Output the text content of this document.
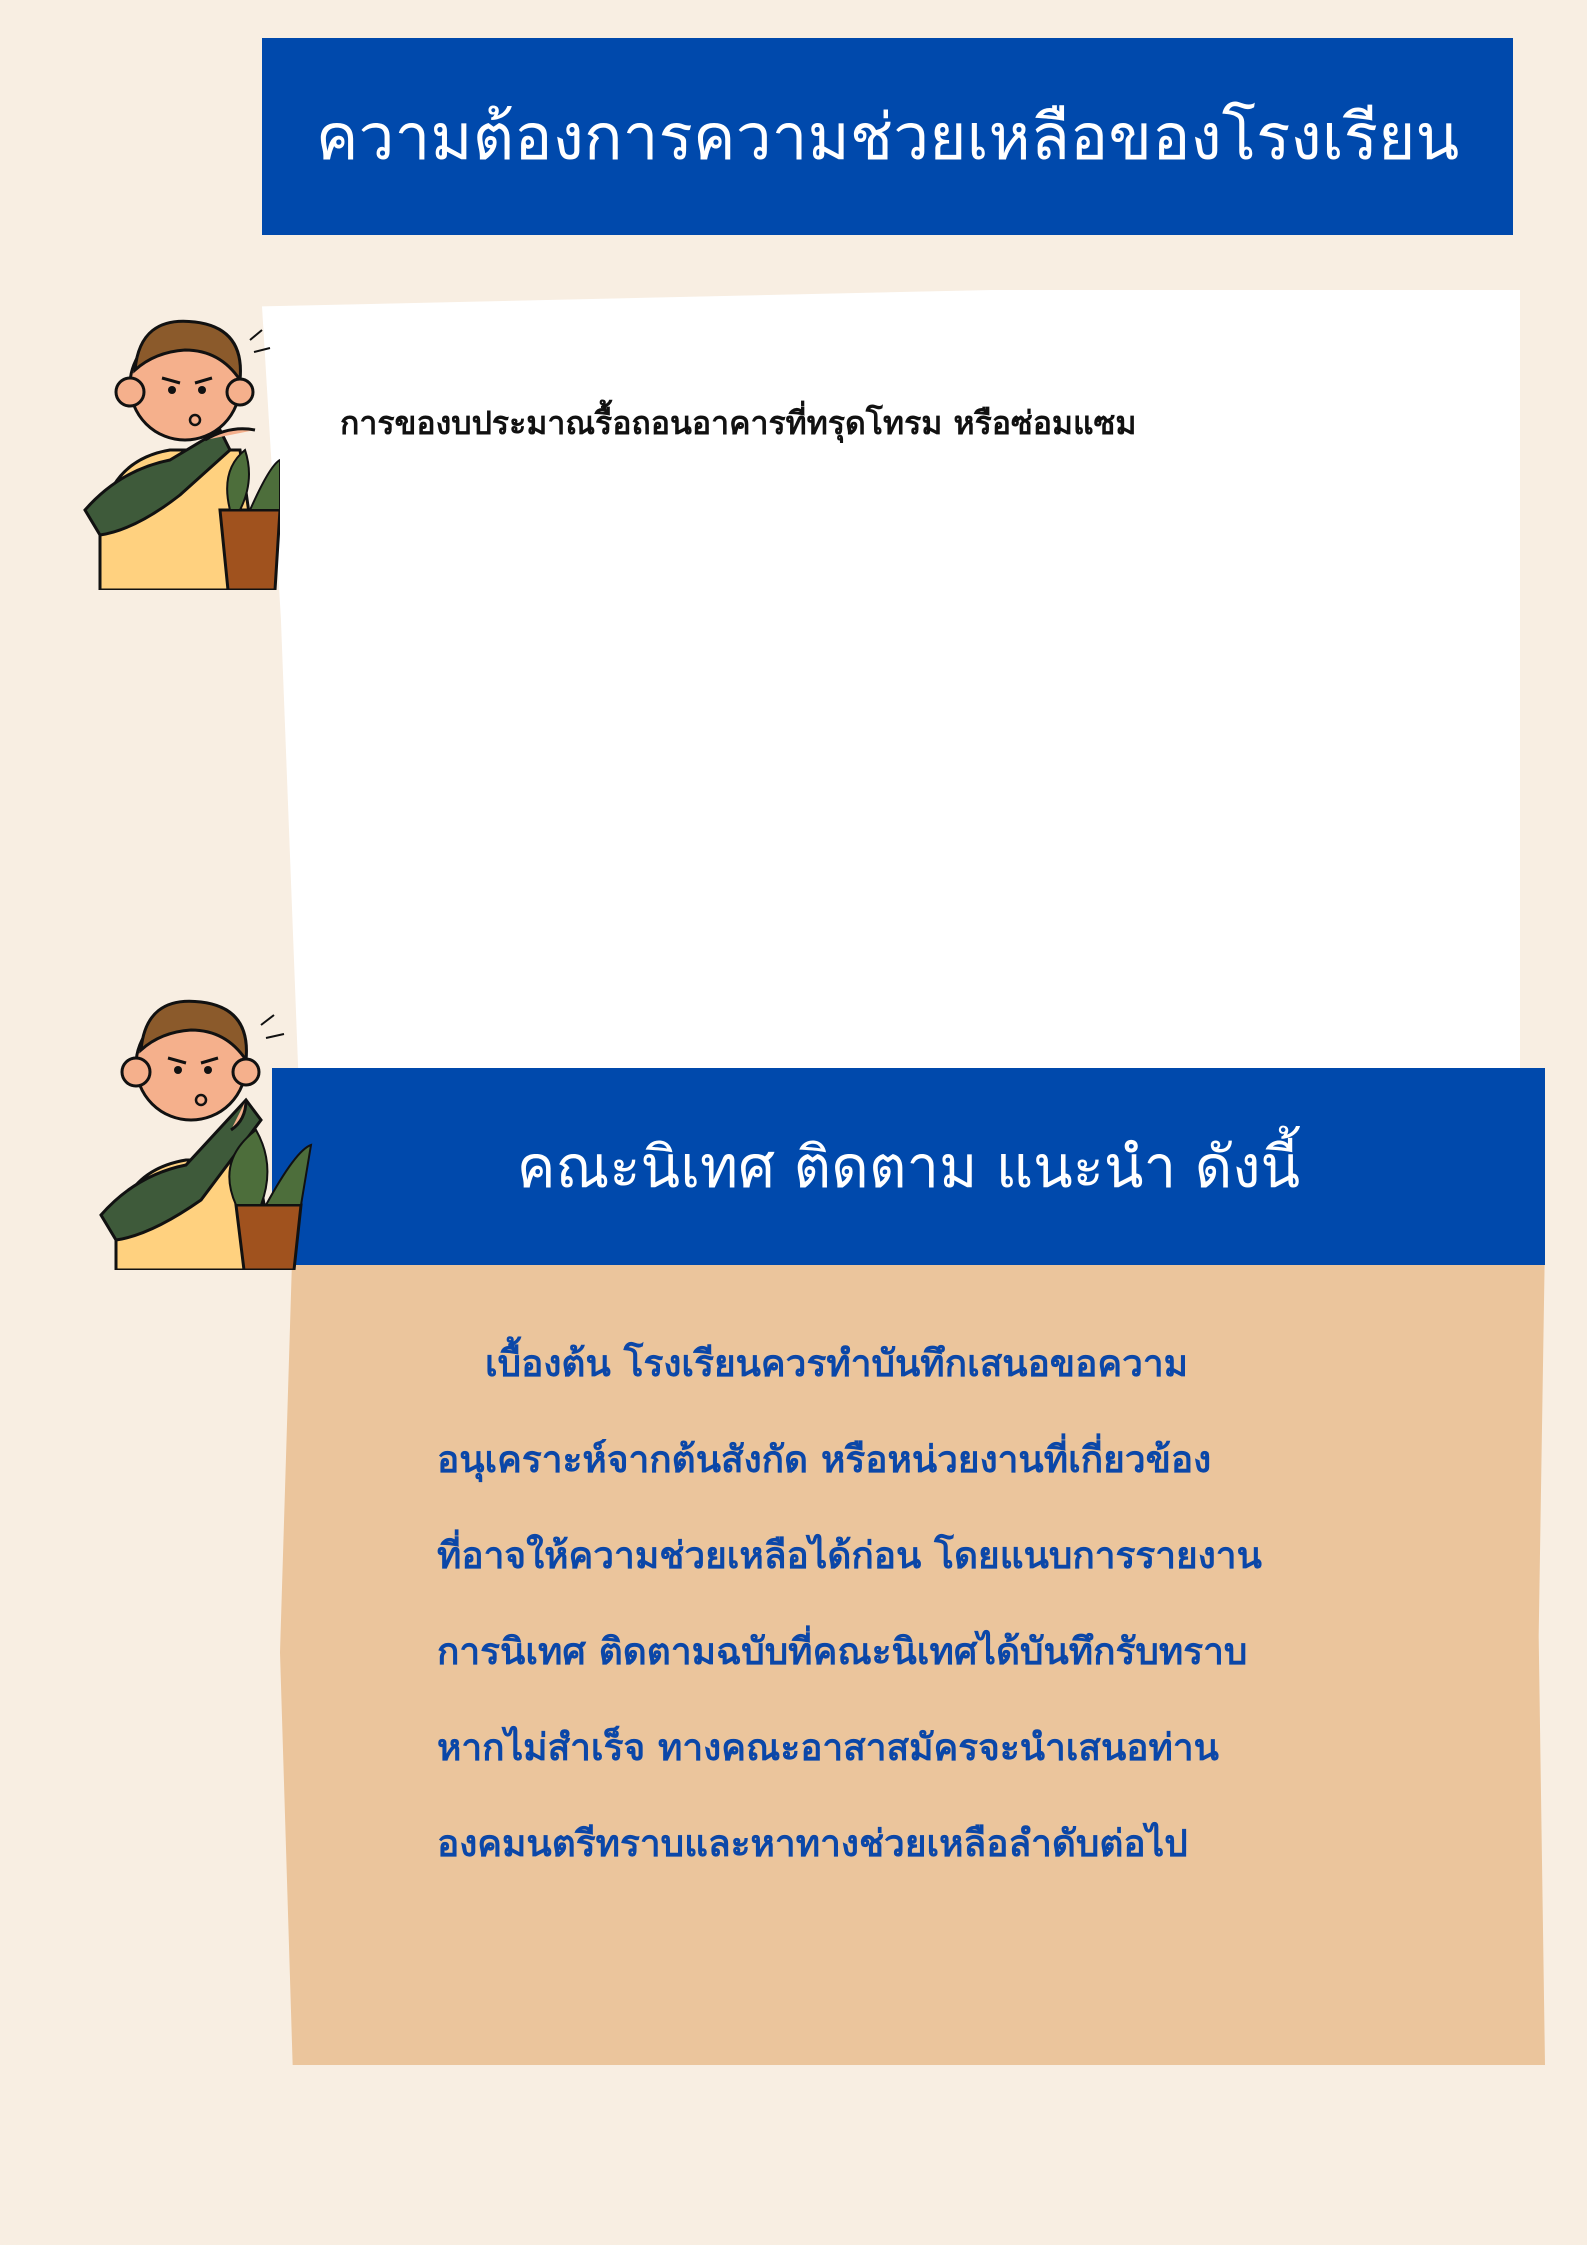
ความต้องการความช่วยเหลือของโรงเรียน
การของบประมาณรื้อถอนอาคารที่ทรุดโทรม หรือซ่อมแซม
คณะนิเทศ ติดตาม แนะนำ ดังนี้
เบื้องต้น โรงเรียนควรทำบันทึกเสนอขอความ
อนุเคราะห์จากต้นสังกัด หรือหน่วยงานที่เกี่ยวข้อง
ที่อาจให้ความช่วยเหลือได้ก่อน โดยแนบการรายงาน
การนิเทศ ติดตามฉบับที่คณะนิเทศได้บันทึกรับทราบ
หากไม่สำเร็จ ทางคณะอาสาสมัครจะนำเสนอท่าน
องคมนตรีทราบและหาทางช่วยเหลือลำดับต่อไป
